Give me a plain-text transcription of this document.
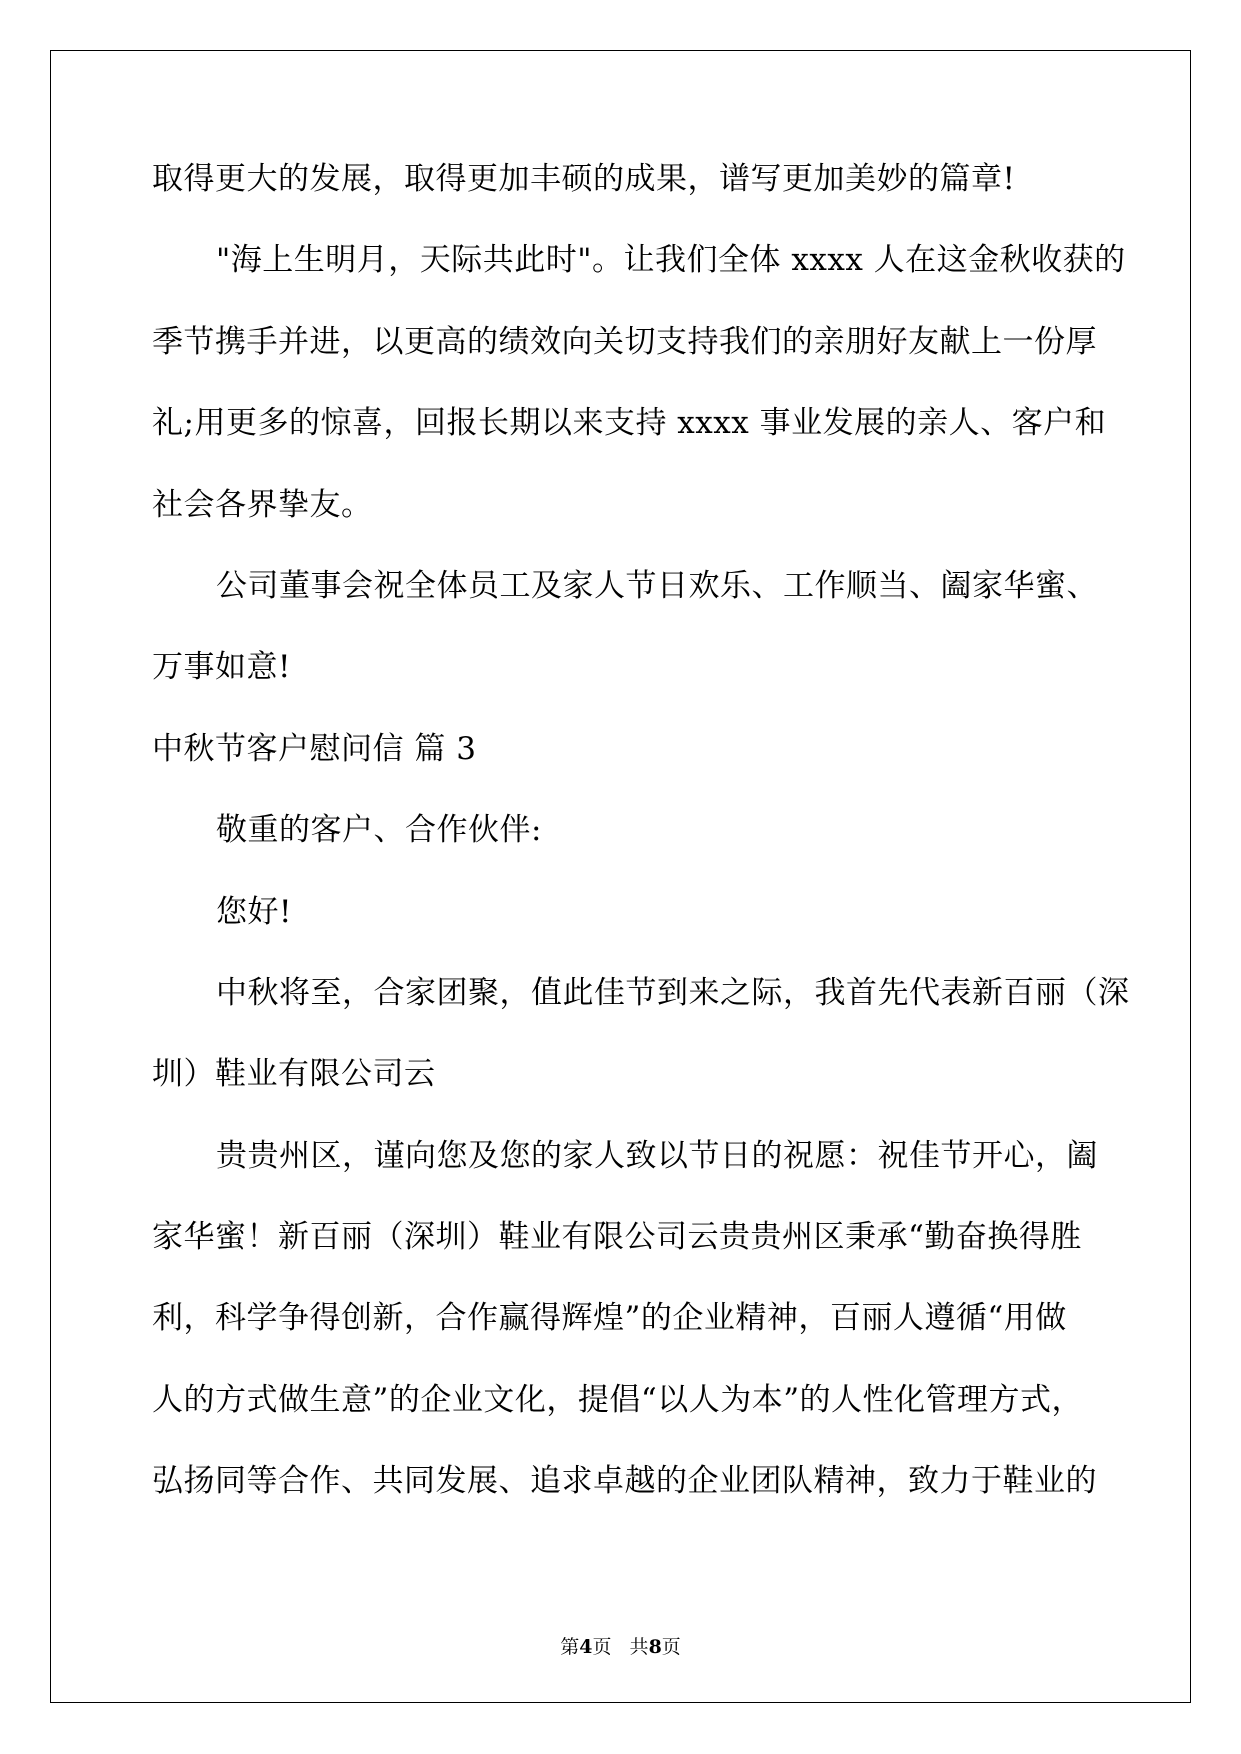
取得更大的发展，取得更加丰硕的成果，谱写更加美妙的篇章!
"海上生明月，天际共此时"。让我们全体 xxxx 人在这金秋收获的
季节携手并进，以更高的绩效向关切支持我们的亲朋好友献上一份厚
礼;用更多的惊喜，回报长期以来支持 xxxx 事业发展的亲人、客户和
社会各界挚友。
公司董事会祝全体员工及家人节日欢乐、工作顺当、阖家华蜜、
万事如意!
中秋节客户慰问信 篇 3
敬重的客户、合作伙伴:
您好!
中秋将至，合家团聚，值此佳节到来之际，我首先代表新百丽（深
圳）鞋业有限公司云
贵贵州区，谨向您及您的家人致以节日的祝愿：祝佳节开心，阖
家华蜜！新百丽（深圳）鞋业有限公司云贵贵州区秉承“勤奋换得胜
利，科学争得创新，合作赢得辉煌”的企业精神，百丽人遵循“用做
人的方式做生意”的企业文化，提倡“以人为本”的人性化管理方式，
弘扬同等合作、共同发展、追求卓越的企业团队精神，致力于鞋业的
第4页   共8页
